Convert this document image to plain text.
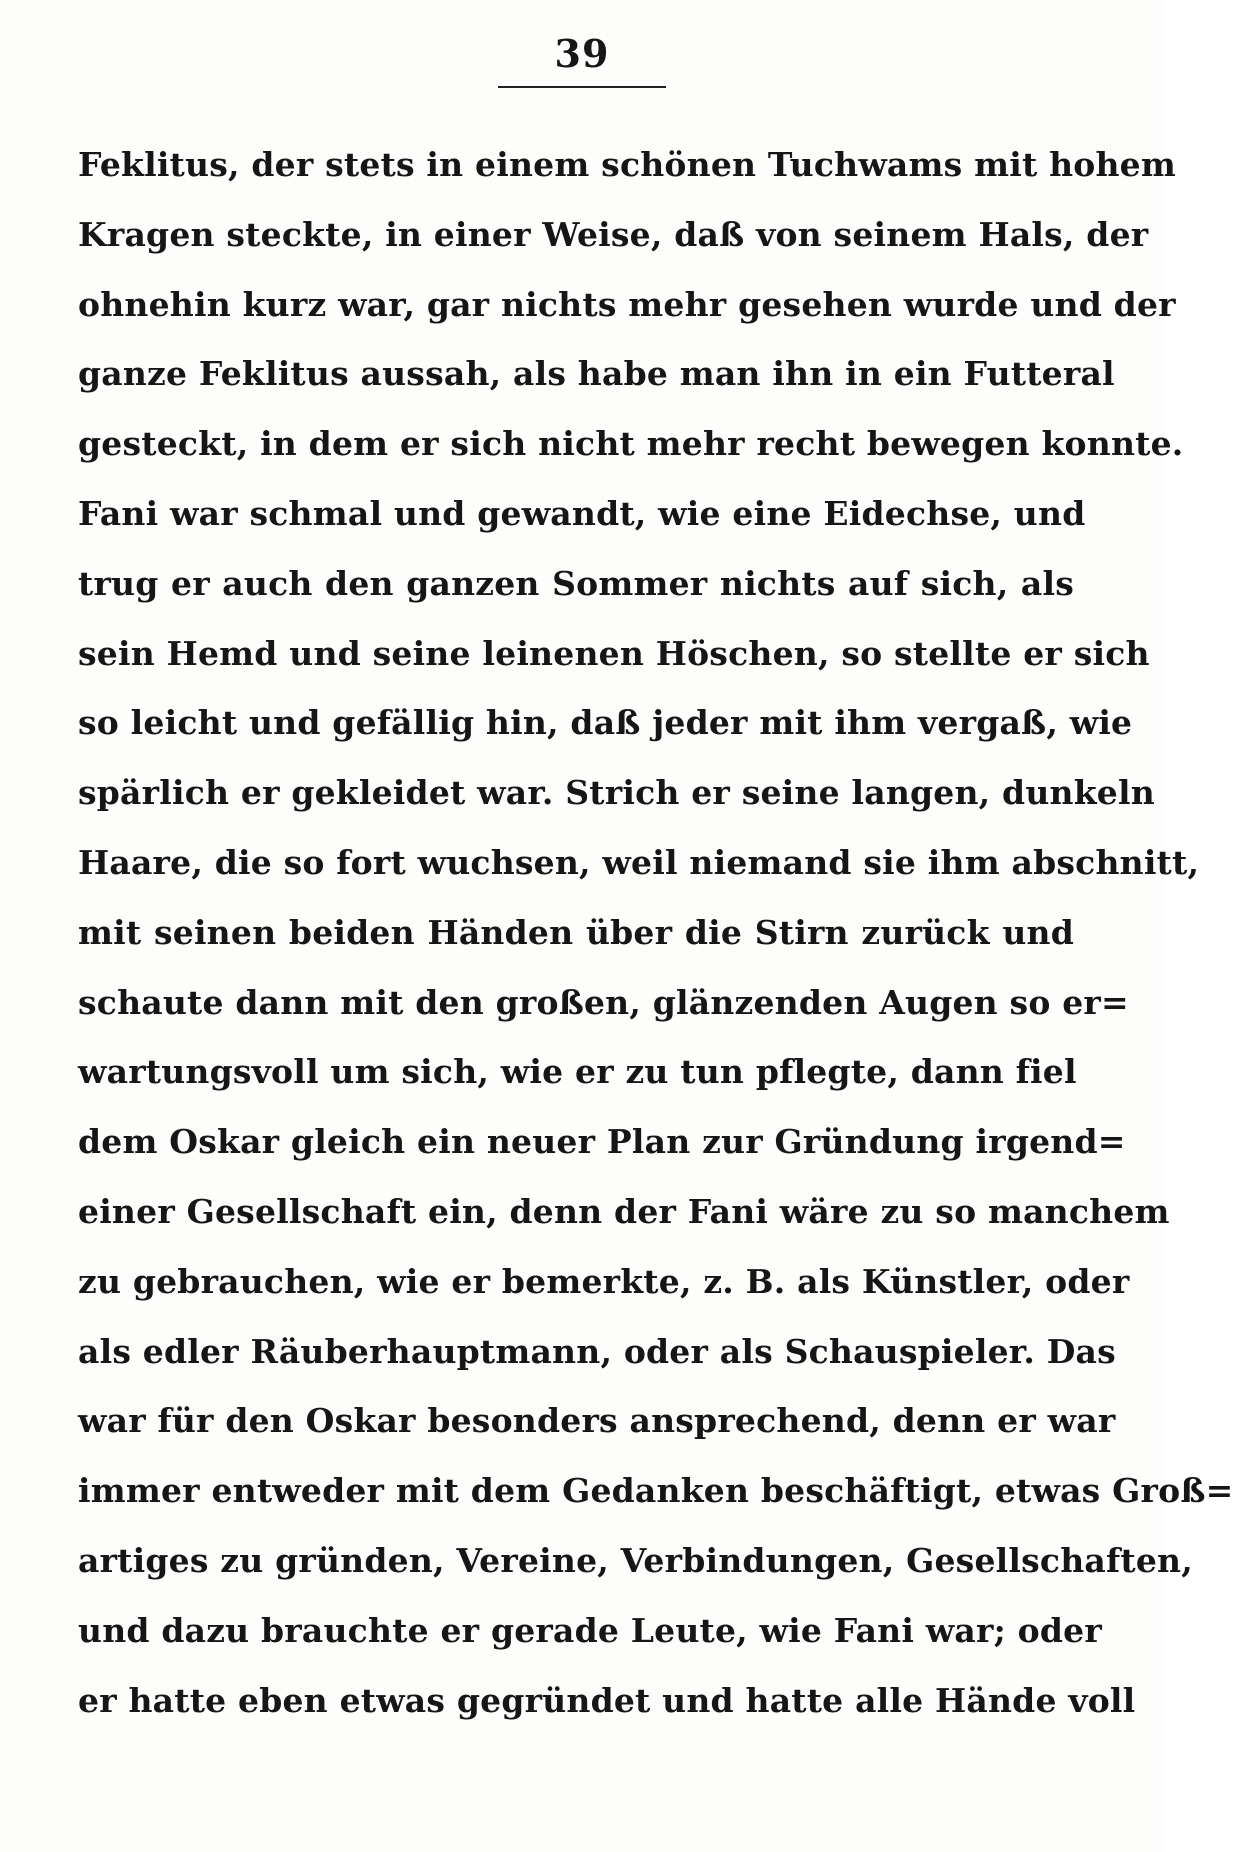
39
Feklitus, der stets in einem schönen Tuchwams mit hohem
Kragen steckte, in einer Weise, daß von seinem Hals, der
ohnehin kurz war, gar nichts mehr gesehen wurde und der
ganze Feklitus aussah, als habe man ihn in ein Futteral
gesteckt, in dem er sich nicht mehr recht bewegen konnte.
Fani war schmal und gewandt, wie eine Eidechse, und
trug er auch den ganzen Sommer nichts auf sich, als
sein Hemd und seine leinenen Höschen, so stellte er sich
so leicht und gefällig hin, daß jeder mit ihm vergaß, wie
spärlich er gekleidet war. Strich er seine langen, dunkeln
Haare, die so fort wuchsen, weil niemand sie ihm abschnitt,
mit seinen beiden Händen über die Stirn zurück und
schaute dann mit den großen, glänzenden Augen so er=
wartungsvoll um sich, wie er zu tun pflegte, dann fiel
dem Oskar gleich ein neuer Plan zur Gründung irgend=
einer Gesellschaft ein, denn der Fani wäre zu so manchem
zu gebrauchen, wie er bemerkte, z. B. als Künstler, oder
als edler Räuberhauptmann, oder als Schauspieler. Das
war für den Oskar besonders ansprechend, denn er war
immer entweder mit dem Gedanken beschäftigt, etwas Groß=
artiges zu gründen, Vereine, Verbindungen, Gesellschaften,
und dazu brauchte er gerade Leute, wie Fani war; oder
er hatte eben etwas gegründet und hatte alle Hände voll
